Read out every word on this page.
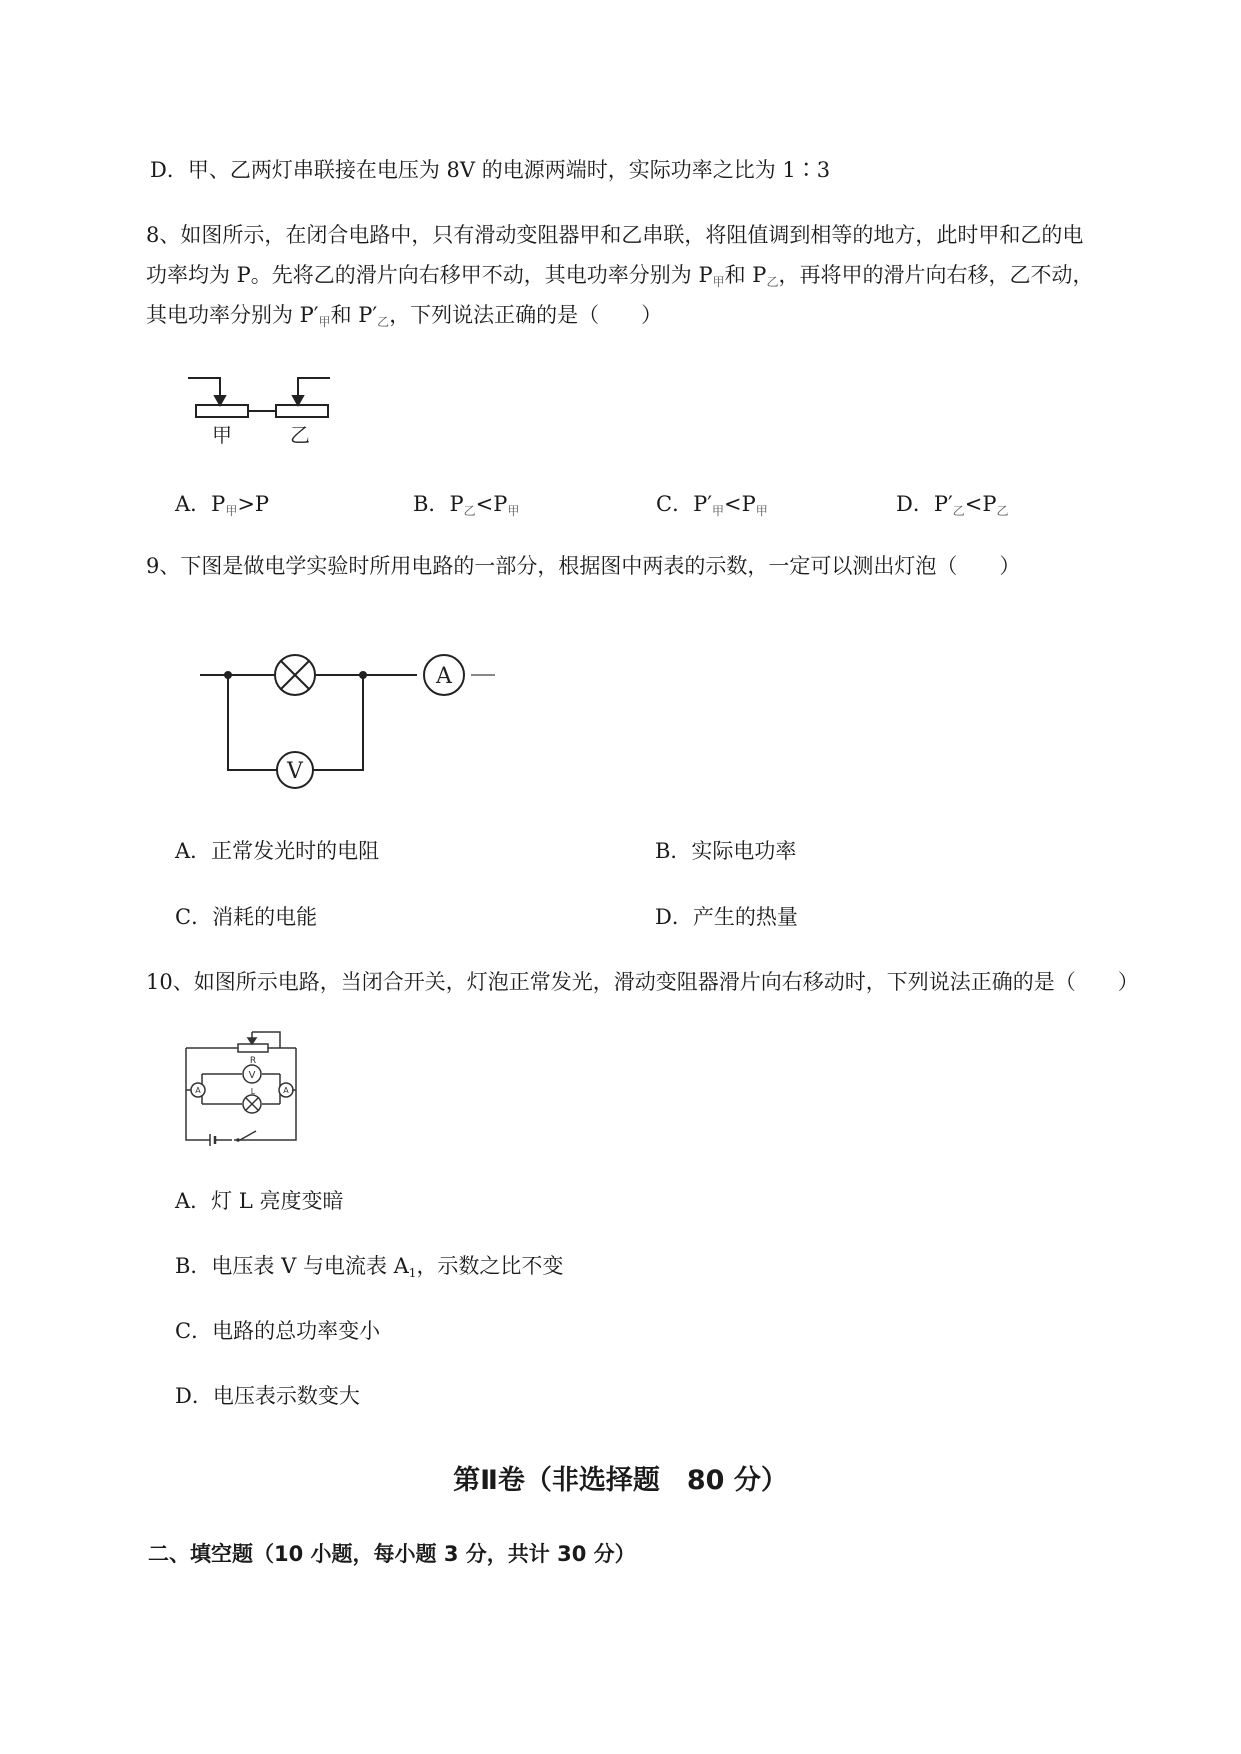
D．甲、乙两灯串联接在电压为 8V 的电源两端时，实际功率之比为 1∶3
8、如图所示，在闭合电路中，只有滑动变阻器甲和乙串联，将阻值调到相等的地方，此时甲和乙的电
功率均为 P。先将乙的滑片向右移甲不动，其电功率分别为 $P_甲$和 $P_乙$，再将甲的滑片向右移，乙不动，
其电功率分别为 $P'_甲$和 $P'_乙$，下列说法正确的是（　　）
甲	乙
A．$P_甲>P$	B．$P_乙<P_甲$	C．$P'_甲<P_甲$	D．$P'_乙<P_乙$
9、下图是做电学实验时所用电路的一部分，根据图中两表的示数，一定可以测出灯泡（　　）
A
V
A．正常发光时的电阻	B．实际电功率
C．消耗的电能	D．产生的热量
10、如图所示电路，当闭合开关，灯泡正常发光，滑动变阻器滑片向右移动时，下列说法正确的是（　　）
R
V
L
A	A
A．灯 L 亮度变暗
B．电压表 V 与电流表 $A_1$，示数之比不变
C．电路的总功率变小
D．电压表示数变大
第Ⅱ卷（非选择题　80 分）
二、填空题（10 小题，每小题 3 分，共计 30 分）
